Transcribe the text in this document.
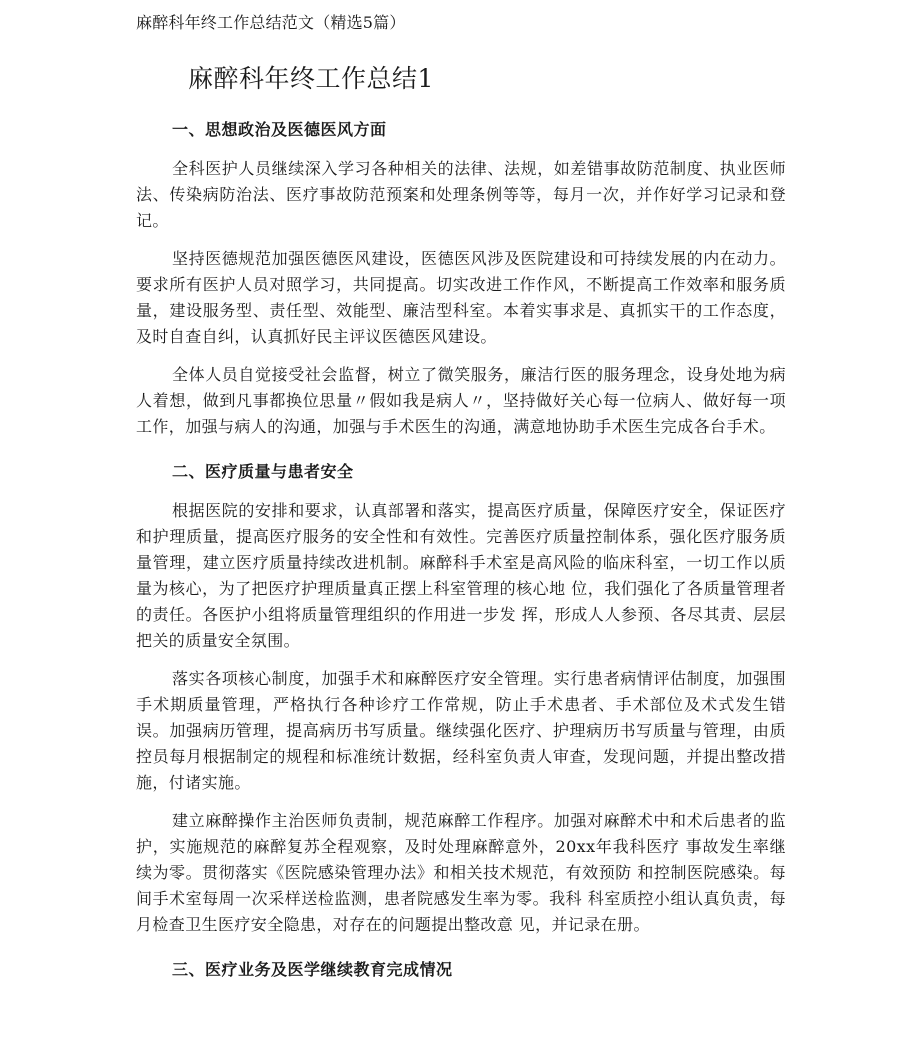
麻醉科年终工作总结范文（精选5篇）
麻醉科年终工作总结1
一、思想政治及医德医风方面

全科医护人员继续深入学习各种相关的法律、法规，如差错事故防范制度、执业医师法、传染病防治法、医疗事故防范预案和处理条例等等，每月一次，并作好学习记录和登记。

坚持医德规范加强医德医风建设，医德医风涉及医院建设和可持续发展的内在动力。要求所有医护人员对照学习，共同提高。切实改进工作作风，不断提高工作效率和服务质量，建设服务型、责任型、效能型、廉洁型科室。本着实事求是、真抓实干的工作态度，及时自查自纠，认真抓好民主评议医德医风建设。

全体人员自觉接受社会监督，树立了微笑服务，廉洁行医的服务理念，设身处地为病人着想，做到凡事都换位思量〃假如我是病人〃，坚持做好关心每一位病人、做好每一项工作，加强与病人的沟通，加强与手术医生的沟通，满意地协助手术医生完成各台手术。

二、医疗质量与患者安全

根据医院的安排和要求，认真部署和落实，提高医疗质量，保障医疗安全，保证医疗和护理质量，提高医疗服务的安全性和有效性。完善医疗质量控制体系，强化医疗服务质量管理，建立医疗质量持续改进机制。麻醉科手术室是高风险的临床科室，一切工作以质量为核心，为了把医疗护理质量真正摆上科室管理的核心地 位，我们强化了各质量管理者的责任。各医护小组将质量管理组织的作用进一步发 挥，形成人人参预、各尽其责、层层把关的质量安全氛围。

落实各项核心制度，加强手术和麻醉医疗安全管理。实行患者病情评估制度，加强围手术期质量管理，严格执行各种诊疗工作常规，防止手术患者、手术部位及术式发生错误。加强病历管理，提高病历书写质量。继续强化医疗、护理病历书写质量与管理，由质控员每月根据制定的规程和标准统计数据，经科室负责人审查，发现问题，并提出整改措施，付诸实施。

建立麻醉操作主治医师负责制，规范麻醉工作程序。加强对麻醉术中和术后患者的监护，实施规范的麻醉复苏全程观察，及时处理麻醉意外，20xx年我科医疗 事故发生率继续为零。贯彻落实《医院感染管理办法》和相关技术规范，有效预防 和控制医院感染。每间手术室每周一次采样送检监测，患者院感发生率为零。我科 科室质控小组认真负责，每月检查卫生医疗安全隐患，对存在的问题提出整改意 见，并记录在册。

三、医疗业务及医学继续教育完成情况
